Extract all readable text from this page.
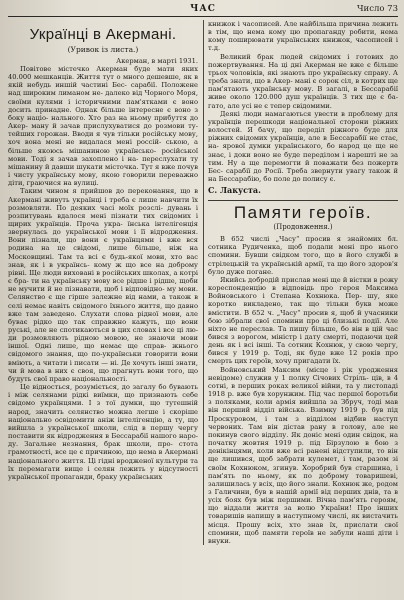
ЧАС	Число 73
Українці в Акермані.
(Уривок із листа.)
Акерман, в марті 1931.

Повітове містечко Акерман буде мати яких 40.000 мешканців. Життя тут о много дешевше, як в якій небудь иншій частині Бес- сарабії. Положене над широким лиманом не- далеко від Чорного Моря, своїми кулями і історичними пам'ятками є воно досить принадне. Однак більше інтересне є воно з боку націо- нального. Хто раз на ньому прибуття до Акер- ману й зачав прислухуватися до розмови ту- тейших горожан. Вводи я чув тільки російську мову, хоч вона мені не видалася мені россій- ською, а більше якоюсь мішаниною українсько- російської мови. Тоді я зачав захоплено і на- переслухати ту мішанину й давши шукати місточка. Тут я вже почув і чисту українську мову, якою говорили переважно діти, граючися на вулиці.

Таким чином я прийшов до переконання, що в Акермані живуть українці і треба є лише навчити їх розмовляти. По деяких часі моїх розслі- дувань і розпитувань вдалося мені пізнати тих свідомих і щирих українців. Проча укра- їнська інтелігенція звернулась до української мови і її відродження. Вони пізнали, що вони є українцями і вже вся родина на це свідомі, лише більше, ніж на Московщині. Там та всі є будь-якої мови, хто вас знав, як і в українсь- кому ж що все на доброму рівні. Ще люди виховані в російських школах, а котрі є бра- ти на українську мову все рідше і рідше, щоби не мучити й не пізнавати, щоб і відповідно- му мови. Селянство є ще гірше залежне від нами, а також в селі немає навіть свідомого їхнього життя, що давно вже там заведено. Слухати слова рідної мови, але буває рідко що так справжно кажуть, що вони руські, але не спотикаються в цих словах і все ці лю- ди розмовляють рідною мовою, не знаючи мови іншої. Одні лише, що немає ще справ- жнього свідомого знання, що по-українськи говорити вони вміють, а читати і писати — ні. Де хочуть інші знати, чи й мова в них є своя, що прагнуть вони того, що будуть свої право національності.

Це відносться, розуміється, до загалу бо бувають і між селянами рідкі виїмки, що признають себе свідомо українцями. І з тої думки, що тутешній народ, значить селянство можна легше і скоріше національно освідомити аніж інтелігенцію, а ту, що вийшла з української школи, слід в першу чергу поставити як відродження в Бессарабії нашого наро- ду. Загальне незнання, брак школи, про- стота грамотності, все це є причиною, що нема в Акермані національного життя. Ці гідні вродженої культури та їх перемагати вище і селян лежить у відсутності української пропаганди, браку українських

книжок і часописей. Але найбільша причина лежить в тім, що нема кому цю пропаганду робити, нема кому поширювати українських книжок, часописей і т.д.

Великий брак людей свідомих і готових до пожертвування. На ці дні Акерман не вже є більше трьох чоловіків, які знають про українську справу. А треба знати, що в Акер- мані є сорок сіл, в котрих ще пам'ятають українську мову. В загалі, в Бессарабії живе около 120.000 душ українців. З тих ще є ба- гато, але усі не є тепер свідомими.

Деякі люди намагаються увести в проблему для українців перешкоди національної сторони ріжних волостей. Я бачу, що переділ ріжного буде для ріжних свідомих українців, але в Бессарабії не стає, на- ярової думки українського, бо народ це ще не знає, і доки воно не буде переділом і нарешті не за тим. Ну а ще перемогти й поважати без пожертв Бес- сарабії до Росії. Треба звернути увагу також й на Бессарабію, бо поле до полису є.

С. Лакуста.
Памяти героїв.
(Продовження.)

В 652 числі „Часу“ просив я знайомих бл. сотника Рудиченка, щоб подали мені про нього спомини. Бувши свідком того, що в його службі в стрілецькій та українській армії, та що його здоров'я було дуже погане.

Якийсь добродій прислав мені ще й вістки в рожу кореспонденцію в відповідь про героя Максима Войновського і Степана Кохнюка. Пер- шу, яке коротко викладено, так що тільки букв може вмістити. В 652 ч. „Часу“ просив я, щоб й учасники бою зібрали свої спомини про ці близькі події. Але ніхто не переслав. Та пишу більше, бо він в цій час бився з ворогом, міністр і дату смерті, подаючи цей день як і всі інші. Та сотник Кохнюк, у свою чергу, бився у 1919 р. Тоді, як буде вже 12 років про смерть цих героїв, хочу пригадати їх.

Войновський Максим (місце і рік уродження невідоме) служив у 1 полку Січових Стріль- ців, в 4 сотні, в перших роках великої війни, та у листопаді 1918 р. вже був хорунжим. Під час першої боротьби з поляками, коли армія вийшла за Збруч, тоді мав він перший відділ війська. Взимку 1919 р. був під Проскуровом, і там з відділом відбив наступ червоних. Там він дістав рану в голову, але не покинув свого відділу. Як доніс мені один свідок, на початку жовтня 1919 р. під Бірзулою в бою з денікінцями, коли вже всі ранені відступили, то він ще лишився, щоб забрати кулемет, і там, разом зі своїм Кохнюком, згинув. Хоробрий був старшина, і пам'ять по ньому, як по доброму товаришеві, залишилась у всіх, що його знали. Кохнюк же, родом з Галичини, був в нашій армії від перших днів, та в усіх боях був між першими. Вічна пам'ять героям, що віддали життя за волю України! Про інших товаришів напишу в наступному числі, як вистачить місця. Прошу всіх, хто знав їх, прислати свої спомини, щоб памяти героїв не забули наші діти і внуки.
